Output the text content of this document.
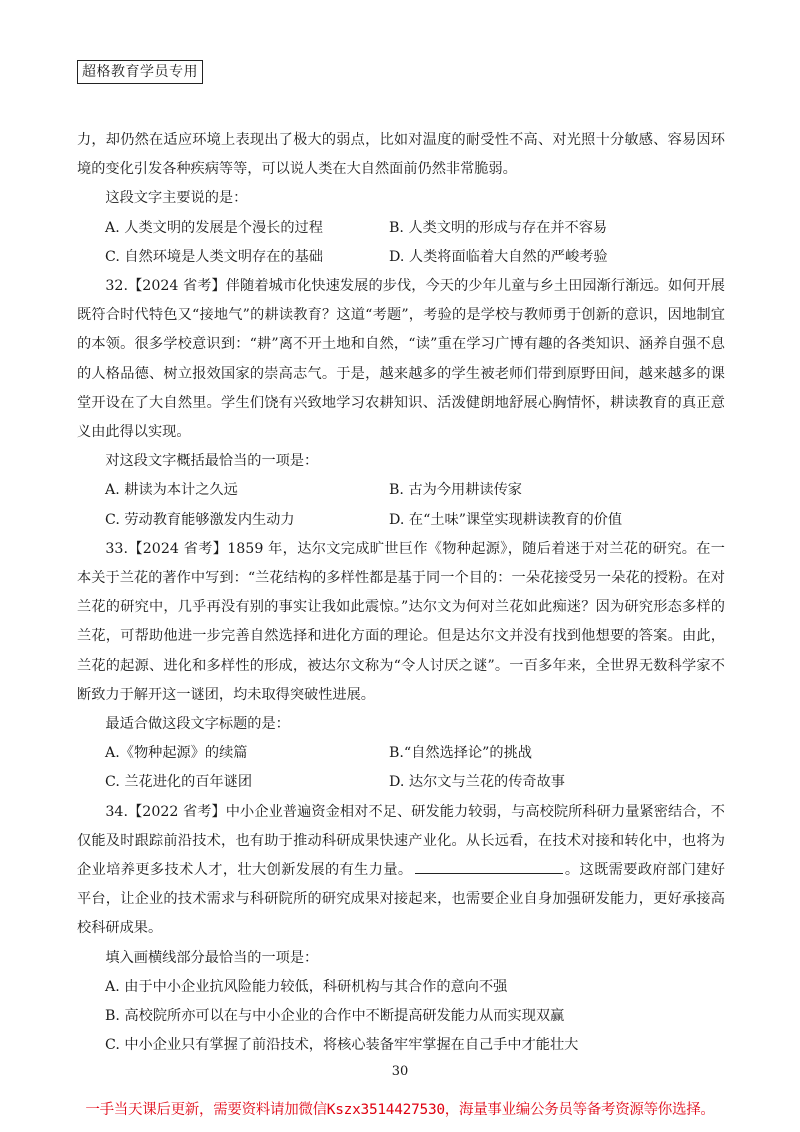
超格教育学员专用

力，却仍然在适应环境上表现出了极大的弱点，比如对温度的耐受性不高、对光照十分敏感、容易因环境的变化引发各种疾病等等，可以说人类在大自然面前仍然非常脆弱。

这段文字主要说的是：

A. 人类文明的发展是个漫长的过程	B. 人类文明的形成与存在并不容易
C. 自然环境是人类文明存在的基础	D. 人类将面临着大自然的严峻考验

32.【2024 省考】伴随着城市化快速发展的步伐，今天的少年儿童与乡土田园渐行渐远。如何开展既符合时代特色又“接地气”的耕读教育？这道“考题”，考验的是学校与教师勇于创新的意识，因地制宜的本领。很多学校意识到：“耕”离不开土地和自然，“读”重在学习广博有趣的各类知识、涵养自强不息的人格品德、树立报效国家的崇高志气。于是，越来越多的学生被老师们带到原野田间，越来越多的课堂开设在了大自然里。学生们饶有兴致地学习农耕知识、活泼健朗地舒展心胸情怀，耕读教育的真正意义由此得以实现。

对这段文字概括最恰当的一项是：

A. 耕读为本计之久远	B. 古为今用耕读传家
C. 劳动教育能够激发内生动力	D. 在“土味”课堂实现耕读教育的价值

33.【2024 省考】1859 年，达尔文完成旷世巨作《物种起源》，随后着迷于对兰花的研究。在一本关于兰花的著作中写到：“兰花结构的多样性都是基于同一个目的：一朵花接受另一朵花的授粉。在对兰花的研究中，几乎再没有别的事实让我如此震惊。”达尔文为何对兰花如此痴迷？因为研究形态多样的兰花，可帮助他进一步完善自然选择和进化方面的理论。但是达尔文并没有找到他想要的答案。由此，兰花的起源、进化和多样性的形成，被达尔文称为“令人讨厌之谜”。一百多年来，全世界无数科学家不断致力于解开这一谜团，均未取得突破性进展。

最适合做这段文字标题的是：

A.《物种起源》的续篇	B.“自然选择论”的挑战
C. 兰花进化的百年谜团	D. 达尔文与兰花的传奇故事

34.【2022 省考】中小企业普遍资金相对不足、研发能力较弱，与高校院所科研力量紧密结合，不仅能及时跟踪前沿技术，也有助于推动科研成果快速产业化。从长远看，在技术对接和转化中，也将为企业培养更多技术人才，壮大创新发展的有生力量。	。这既需要政府部门建好平台，让企业的技术需求与科研院所的研究成果对接起来，也需要企业自身加强研发能力，更好承接高校科研成果。

填入画横线部分最恰当的一项是：

A. 由于中小企业抗风险能力较低，科研机构与其合作的意向不强
B. 高校院所亦可以在与中小企业的合作中不断提高研发能力从而实现双赢
C. 中小企业只有掌握了前沿技术，将核心装备牢牢掌握在自己手中才能壮大
30
一手当天课后更新，需要资料请加微信Kszx3514427530，海量事业编公务员等备考资源等你选择。
